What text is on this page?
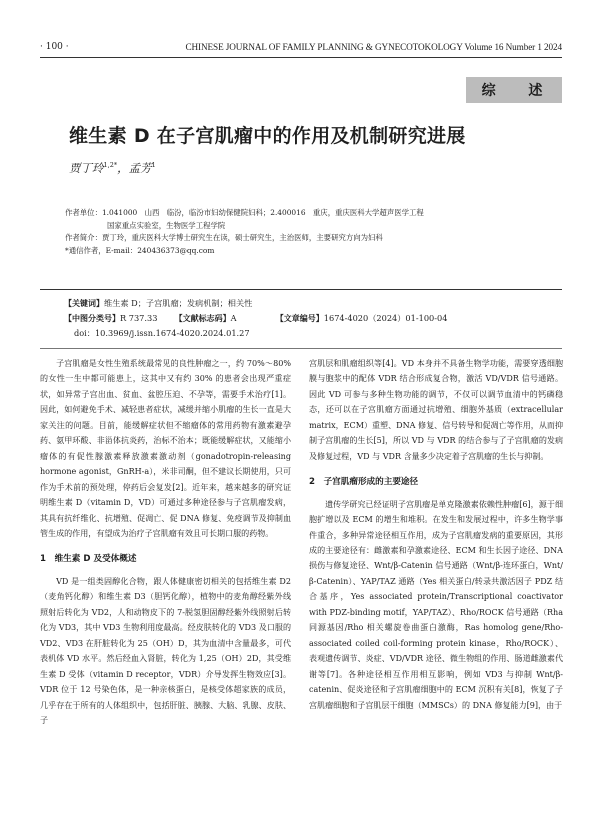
· 100 ·	CHINESE JOURNAL OF FAMILY PLANNING & GYNECOTOKOLOGY Volume 16 Number 1 2024
综 述
维生素 D 在子宫肌瘤中的作用及机制研究进展
贾丁玲$^{1,2*}$，孟芳$^1$
作者单位：1.041000　山西　临汾，临汾市妇幼保健院妇科；2.400016　重庆，重庆医科大学超声医学工程
国家重点实验室，生物医学工程学院
作者简介：贾丁玲，重庆医科大学博士研究生在读，硕士研究生，主治医师，主要研究方向为妇科
*通信作者，E-mail：240436373@qq.com
【关键词】维生素 D；子宫肌瘤；发病机制；相关性
【中图分类号】R 737.33 【文献标志码】A	【文章编号】1674-4020（2024）01-100-04
doi：10.3969/j.issn.1674-4020.2024.01.27

子宫肌瘤是女性生殖系统最常见的良性肿瘤之一，约 70%～80% 的女性一生中都可能患上，这其中又有约 30% 的患者会出现严重症状，如异常子宫出血、贫血、盆腔压迫、不孕等，需要手术治疗[1]。因此，如何避免手术、减轻患者症状，减缓并缩小肌瘤的生长一直是大家关注的问题。目前，能缓解症状但不缩瘤体的常用药物有激素避孕药、氨甲环酸、非甾体抗炎药，治标不治本；既能缓解症状，又能缩小瘤体的有促性腺激素释放激素激动剂（gonadotropin-releasing hormone agonist，GnRH-a），米非司酮，但不建议长期使用，只可作为手术前的预处理，停药后会复发[2]。近年来，越来越多的研究证明维生素 D（vitamin D，VD）可通过多种途径参与子宫肌瘤发病，其具有抗纤维化、抗增殖、促凋亡、促 DNA 修复、免疫调节及抑制血管生成的作用，有望成为治疗子宫肌瘤有效且可长期口服的药物。

1　维生素 D 及受体概述

VD 是一组类固醇化合物，跟人体健康密切相关的包括维生素 D2（麦角钙化醇）和维生素 D3（胆钙化醇），植物中的麦角醇经紫外线照射后转化为 VD2，人和动物皮下的 7-脱氢胆固醇经紫外线照射后转化为 VD3，其中 VD3 生物利用度最高。经皮肤转化的 VD3 及口服的 VD2、VD3 在肝脏转化为 25（OH）D，其为血清中含量最多，可代表机体 VD 水平。然后经血入肾脏，转化为 1,25（OH）2D，其受维生素 D 受体（vitamin D receptor，VDR）介导发挥生物效应[3]。VDR 位于 12 号染色体，是一种亲核蛋白，是核受体超家族的成员，几乎存在于所有的人体组织中，包括肝脏、胰腺、大脑、乳腺、皮肤、子

宫肌层和肌瘤组织等[4]。VD 本身并不具备生物学功能，需要穿透细胞膜与胞浆中的配体 VDR 结合形成复合物，激活 VD/VDR 信号通路。因此 VD 可参与多种生物功能的调节，不仅可以调节血清中的钙磷稳态，还可以在子宫肌瘤方面通过抗增殖、细胞外基质（extracellular matrix，ECM）重塑、DNA 修复、信号转导和促凋亡等作用，从而抑制子宫肌瘤的生长[5]，所以 VD 与 VDR 的结合参与了子宫肌瘤的发病及修复过程，VD 与 VDR 含量多少决定着子宫肌瘤的生长与抑制。

2　子宫肌瘤形成的主要途径

遗传学研究已经证明子宫肌瘤是单克隆激素依赖性肿瘤[6]，源于细胞扩增以及 ECM 的增生和堆积。在发生和发展过程中，许多生物学事件重合，多种异常途径相互作用，成为子宫肌瘤发病的重要原因，其形成的主要途径有：雌激素和孕激素途径、ECM 和生长因子途径、DNA 损伤与修复途径、Wnt/β-Catenin 信号通路（Wnt/β-连环蛋白，Wnt/β-Catenin）、YAP/TAZ 通路（Yes 相关蛋白/转录共激活因子 PDZ 结合基序，Yes associated protein/Transcriptional coactivator with PDZ-binding motif，YAP/TAZ）、Rho/ROCK 信号通路（Rha 同源基因/Rho 相关螺旋卷曲蛋白激酶，Ras homolog gene/Rho-associated coiled coil-forming protein kinase，Rho/ROCK）、表观遗传调节、炎症、VD/VDR 途径、微生物组的作用、肠道雌激素代谢等[7]。各种途径相互作用相互影响，例如 VD3 与抑制 Wnt/β-catenin、促炎途径和子宫肌瘤细胞中的 ECM 沉积有关[8]，恢复了子宫肌瘤细胞和子宫肌层干细胞（MMSCs）的 DNA 修复能力[9]，由于
